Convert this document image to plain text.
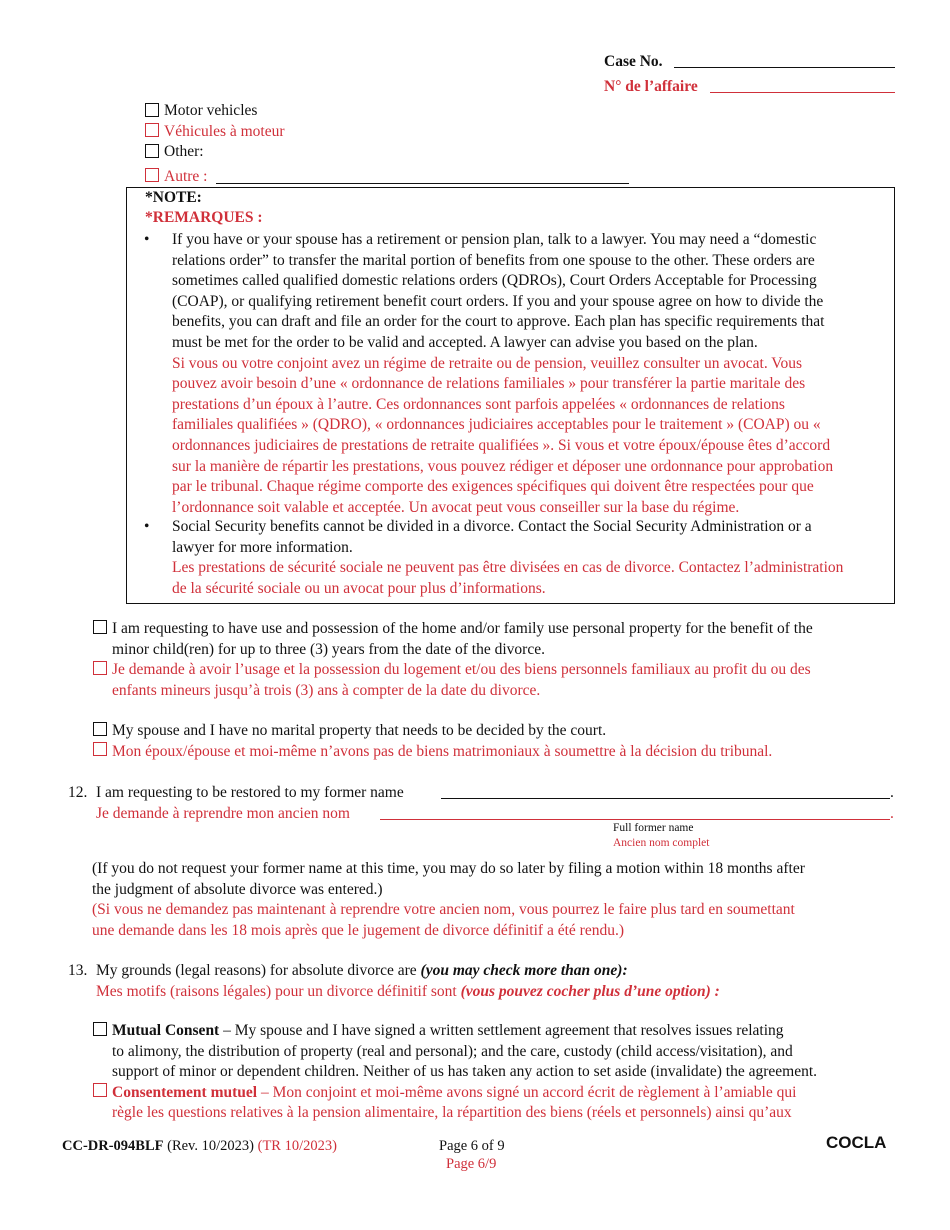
Case No.
N° de l’affaire
Motor vehicles
Véhicules à moteur
Other:
Autre :
*NOTE:
*REMARQUES :
• If you have or your spouse has a retirement or pension plan, talk to a lawyer. You may need a “domestic
relations order” to transfer the marital portion of benefits from one spouse to the other. These orders are
sometimes called qualified domestic relations orders (QDROs), Court Orders Acceptable for Processing
(COAP), or qualifying retirement benefit court orders. If you and your spouse agree on how to divide the
benefits, you can draft and file an order for the court to approve. Each plan has specific requirements that
must be met for the order to be valid and accepted. A lawyer can advise you based on the plan.
Si vous ou votre conjoint avez un régime de retraite ou de pension, veuillez consulter un avocat. Vous
pouvez avoir besoin d’une « ordonnance de relations familiales » pour transférer la partie maritale des
prestations d’un époux à l’autre. Ces ordonnances sont parfois appelées « ordonnances de relations
familiales qualifiées » (QDRO), « ordonnances judiciaires acceptables pour le traitement » (COAP) ou «
ordonnances judiciaires de prestations de retraite qualifiées ». Si vous et votre époux/épouse êtes d’accord
sur la manière de répartir les prestations, vous pouvez rédiger et déposer une ordonnance pour approbation
par le tribunal. Chaque régime comporte des exigences spécifiques qui doivent être respectées pour que
l’ordonnance soit valable et acceptée. Un avocat peut vous conseiller sur la base du régime.
• Social Security benefits cannot be divided in a divorce. Contact the Social Security Administration or a
lawyer for more information.
Les prestations de sécurité sociale ne peuvent pas être divisées en cas de divorce. Contactez l’administration
de la sécurité sociale ou un avocat pour plus d’informations.
I am requesting to have use and possession of the home and/or family use personal property for the benefit of the
minor child(ren) for up to three (3) years from the date of the divorce.
Je demande à avoir l’usage et la possession du logement et/ou des biens personnels familiaux au profit du ou des
enfants mineurs jusqu’à trois (3) ans à compter de la date du divorce.
My spouse and I have no marital property that needs to be decided by the court.
Mon époux/épouse et moi-même n’avons pas de biens matrimoniaux à soumettre à la décision du tribunal.
12. I am requesting to be restored to my former name	.
Je demande à reprendre mon ancien nom	.
Full former name
Ancien nom complet
(If you do not request your former name at this time, you may do so later by filing a motion within 18 months after
the judgment of absolute divorce was entered.)
(Si vous ne demandez pas maintenant à reprendre votre ancien nom, vous pourrez le faire plus tard en soumettant
une demande dans les 18 mois après que le jugement de divorce définitif a été rendu.)
13. My grounds (legal reasons) for absolute divorce are (you may check more than one):
Mes motifs (raisons légales) pour un divorce définitif sont (vous pouvez cocher plus d’une option) :
Mutual Consent – My spouse and I have signed a written settlement agreement that resolves issues relating
to alimony, the distribution of property (real and personal); and the care, custody (child access/visitation), and
support of minor or dependent children. Neither of us has taken any action to set aside (invalidate) the agreement.
Consentement mutuel – Mon conjoint et moi-même avons signé un accord écrit de règlement à l’amiable qui
règle les questions relatives à la pension alimentaire, la répartition des biens (réels et personnels) ainsi qu’aux
CC-DR-094BLF (Rev. 10/2023) (TR 10/2023)	Page 6 of 9
Page 6/9
COCLA
